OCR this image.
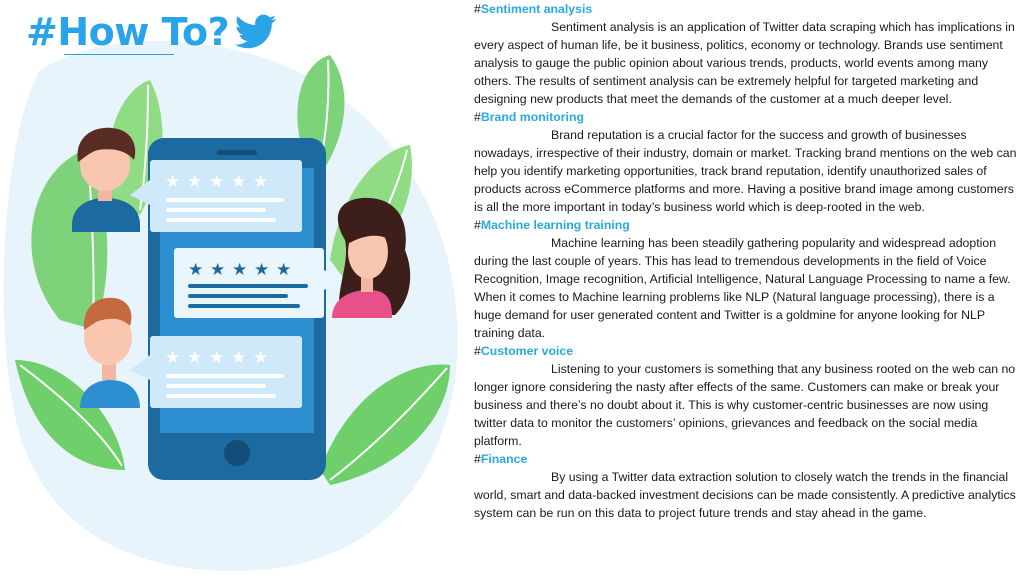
★ ★ ★ ★ ★
★ ★ ★ ★ ★
★ ★ ★ ★ ★
#How To?
#Sentiment analysis

Sentiment analysis is an application of Twitter data scraping which has implications in every aspect of human life, be it business, politics, economy or technology. Brands use sentiment analysis to gauge the public opinion about various trends, products, world events among many others. The results of sentiment analysis can be extremely helpful for targeted marketing and designing new products that meet the demands of the customer at a much deeper level.

#Brand monitoring

Brand reputation is a crucial factor for the success and growth of businesses nowadays, irrespective of their industry, domain or market. Tracking brand mentions on the web can help you identify marketing opportunities, track brand reputation, identify unauthorized sales of products across eCommerce platforms and more. Having a positive brand image among customers is all the more important in today’s business world which is deep-rooted in the web.

#Machine learning training

Machine learning has been steadily gathering popularity and widespread adoption during the last couple of years. This has lead to tremendous developments in the field of Voice Recognition, Image recognition, Artificial Intelligence, Natural Language Processing to name a few. When it comes to Machine learning problems like NLP (Natural language processing), there is a huge demand for user generated content and Twitter is a goldmine for anyone looking for NLP training data.

#Customer voice

Listening to your customers is something that any business rooted on the web can no longer ignore considering the nasty after effects of the same. Customers can make or break your business and there’s no doubt about it. This is why customer-centric businesses are now using twitter data to monitor the customers’ opinions, grievances and feedback on the social media platform.

#Finance

By using a Twitter data extraction solution to closely watch the trends in the financial world, smart and data-backed investment decisions can be made consistently. A predictive analytics system can be run on this data to project future trends and stay ahead in the game.
